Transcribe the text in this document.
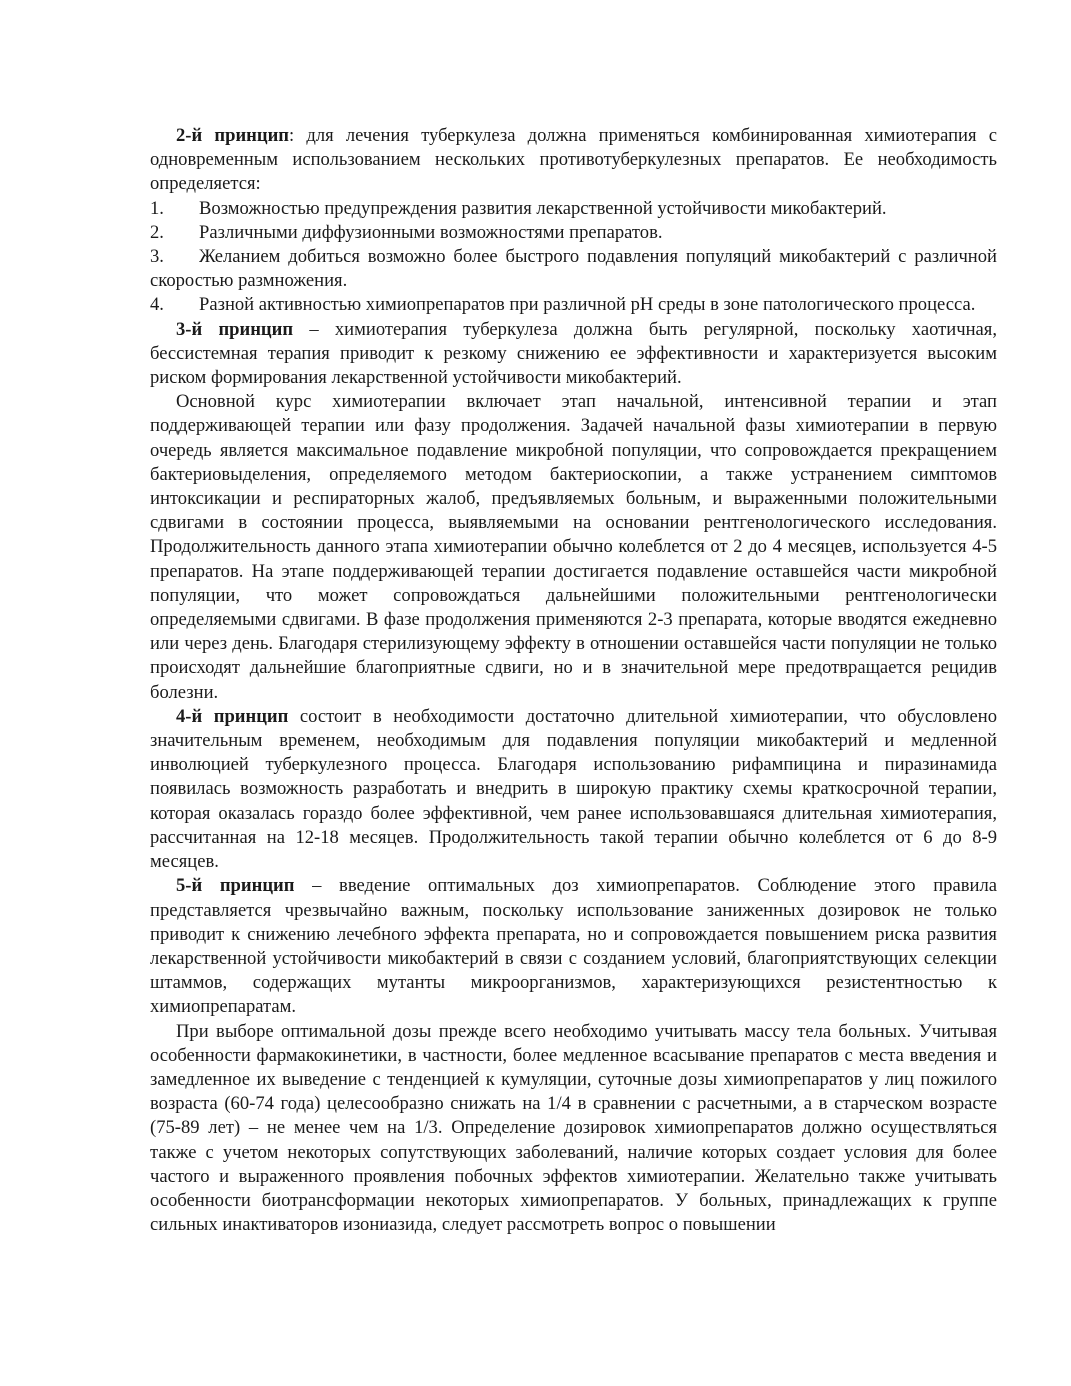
2-й принцип: для лечения туберкулеза должна применяться комбинированная химиотерапия с одновременным использованием нескольких противотуберкулезных препаратов. Ее необходимость определяется:

1.	Возможностью предупреждения развития лекарственной устойчивости микобактерий.
2.	Различными диффузионными возможностями препаратов.

3. Желанием добиться возможно более быстрого подавления популяций микобактерий с различной скоростью размножения.

4. Разной активностью химиопрепаратов при различной pH среды в зоне патологического процесса.

3-й принцип – химиотерапия туберкулеза должна быть регулярной, поскольку хаотичная, бессистемная терапия приводит к резкому снижению ее эффективности и характеризуется высоким риском формирования лекарственной устойчивости микобактерий.

Основной курс химиотерапии включает этап начальной, интенсивной терапии и этап поддерживающей терапии или фазу продолжения. Задачей начальной фазы химиотерапии в первую очередь является максимальное подавление микробной популяции, что сопровождается прекращением бактериовыделения, определяемого методом бактериоскопии, а также устранением симптомов интоксикации и респираторных жалоб, предъявляемых больным, и выраженными положительными сдвигами в состоянии процесса, выявляемыми на основании рентгенологического исследования. Продолжительность данного этапа химиотерапии обычно колеблется от 2 до 4 месяцев, используется 4-5 препаратов. На этапе поддерживающей терапии достигается подавление оставшейся части микробной популяции, что может сопровождаться дальнейшими положительными рентгенологически определяемыми сдвигами. В фазе продолжения применяются 2-3 препарата, которые вводятся ежедневно или через день. Благодаря стерилизующему эффекту в отношении оставшейся части популяции не только происходят дальнейшие благоприятные сдвиги, но и в значительной мере предотвращается рецидив болезни.

4-й принцип состоит в необходимости достаточно длительной химиотерапии, что обусловлено значительным временем, необходимым для подавления популяции микобактерий и медленной инволюцией туберкулезного процесса. Благодаря использованию рифампицина и пиразинамида появилась возможность разработать и внедрить в широкую практику схемы краткосрочной терапии, которая оказалась гораздо более эффективной, чем ранее использовавшаяся длительная химиотерапия, рассчитанная на 12-18 месяцев. Продолжительность такой терапии обычно колеблется от 6 до 8-9 месяцев.

5-й принцип – введение оптимальных доз химиопрепаратов. Соблюдение этого правила представляется чрезвычайно важным, поскольку использование заниженных дозировок не только приводит к снижению лечебного эффекта препарата, но и сопровождается повышением риска развития лекарственной устойчивости микобактерий в связи с созданием условий, благоприятствующих селекции штаммов, содержащих мутанты микроорганизмов, характеризующихся резистентностью к химиопрепаратам.

При выборе оптимальной дозы прежде всего необходимо учитывать массу тела больных. Учитывая особенности фармакокинетики, в частности, более медленное всасывание препаратов с места введения и замедленное их выведение с тенденцией к кумуляции, суточные дозы химиопрепаратов у лиц пожилого возраста (60-74 года) целесообразно снижать на 1/4 в сравнении с расчетными, а в старческом возрасте (75-89 лет) – не менее чем на 1/3. Определение дозировок химиопрепаратов должно осуществляться также с учетом некоторых сопутствующих заболеваний, наличие которых создает условия для более частого и выраженного проявления побочных эффектов химиотерапии. Желательно также учитывать особенности биотрансформации некоторых химиопрепаратов. У больных, принадлежащих к группе сильных инактиваторов изониазида, следует рассмотреть вопрос о повышении
